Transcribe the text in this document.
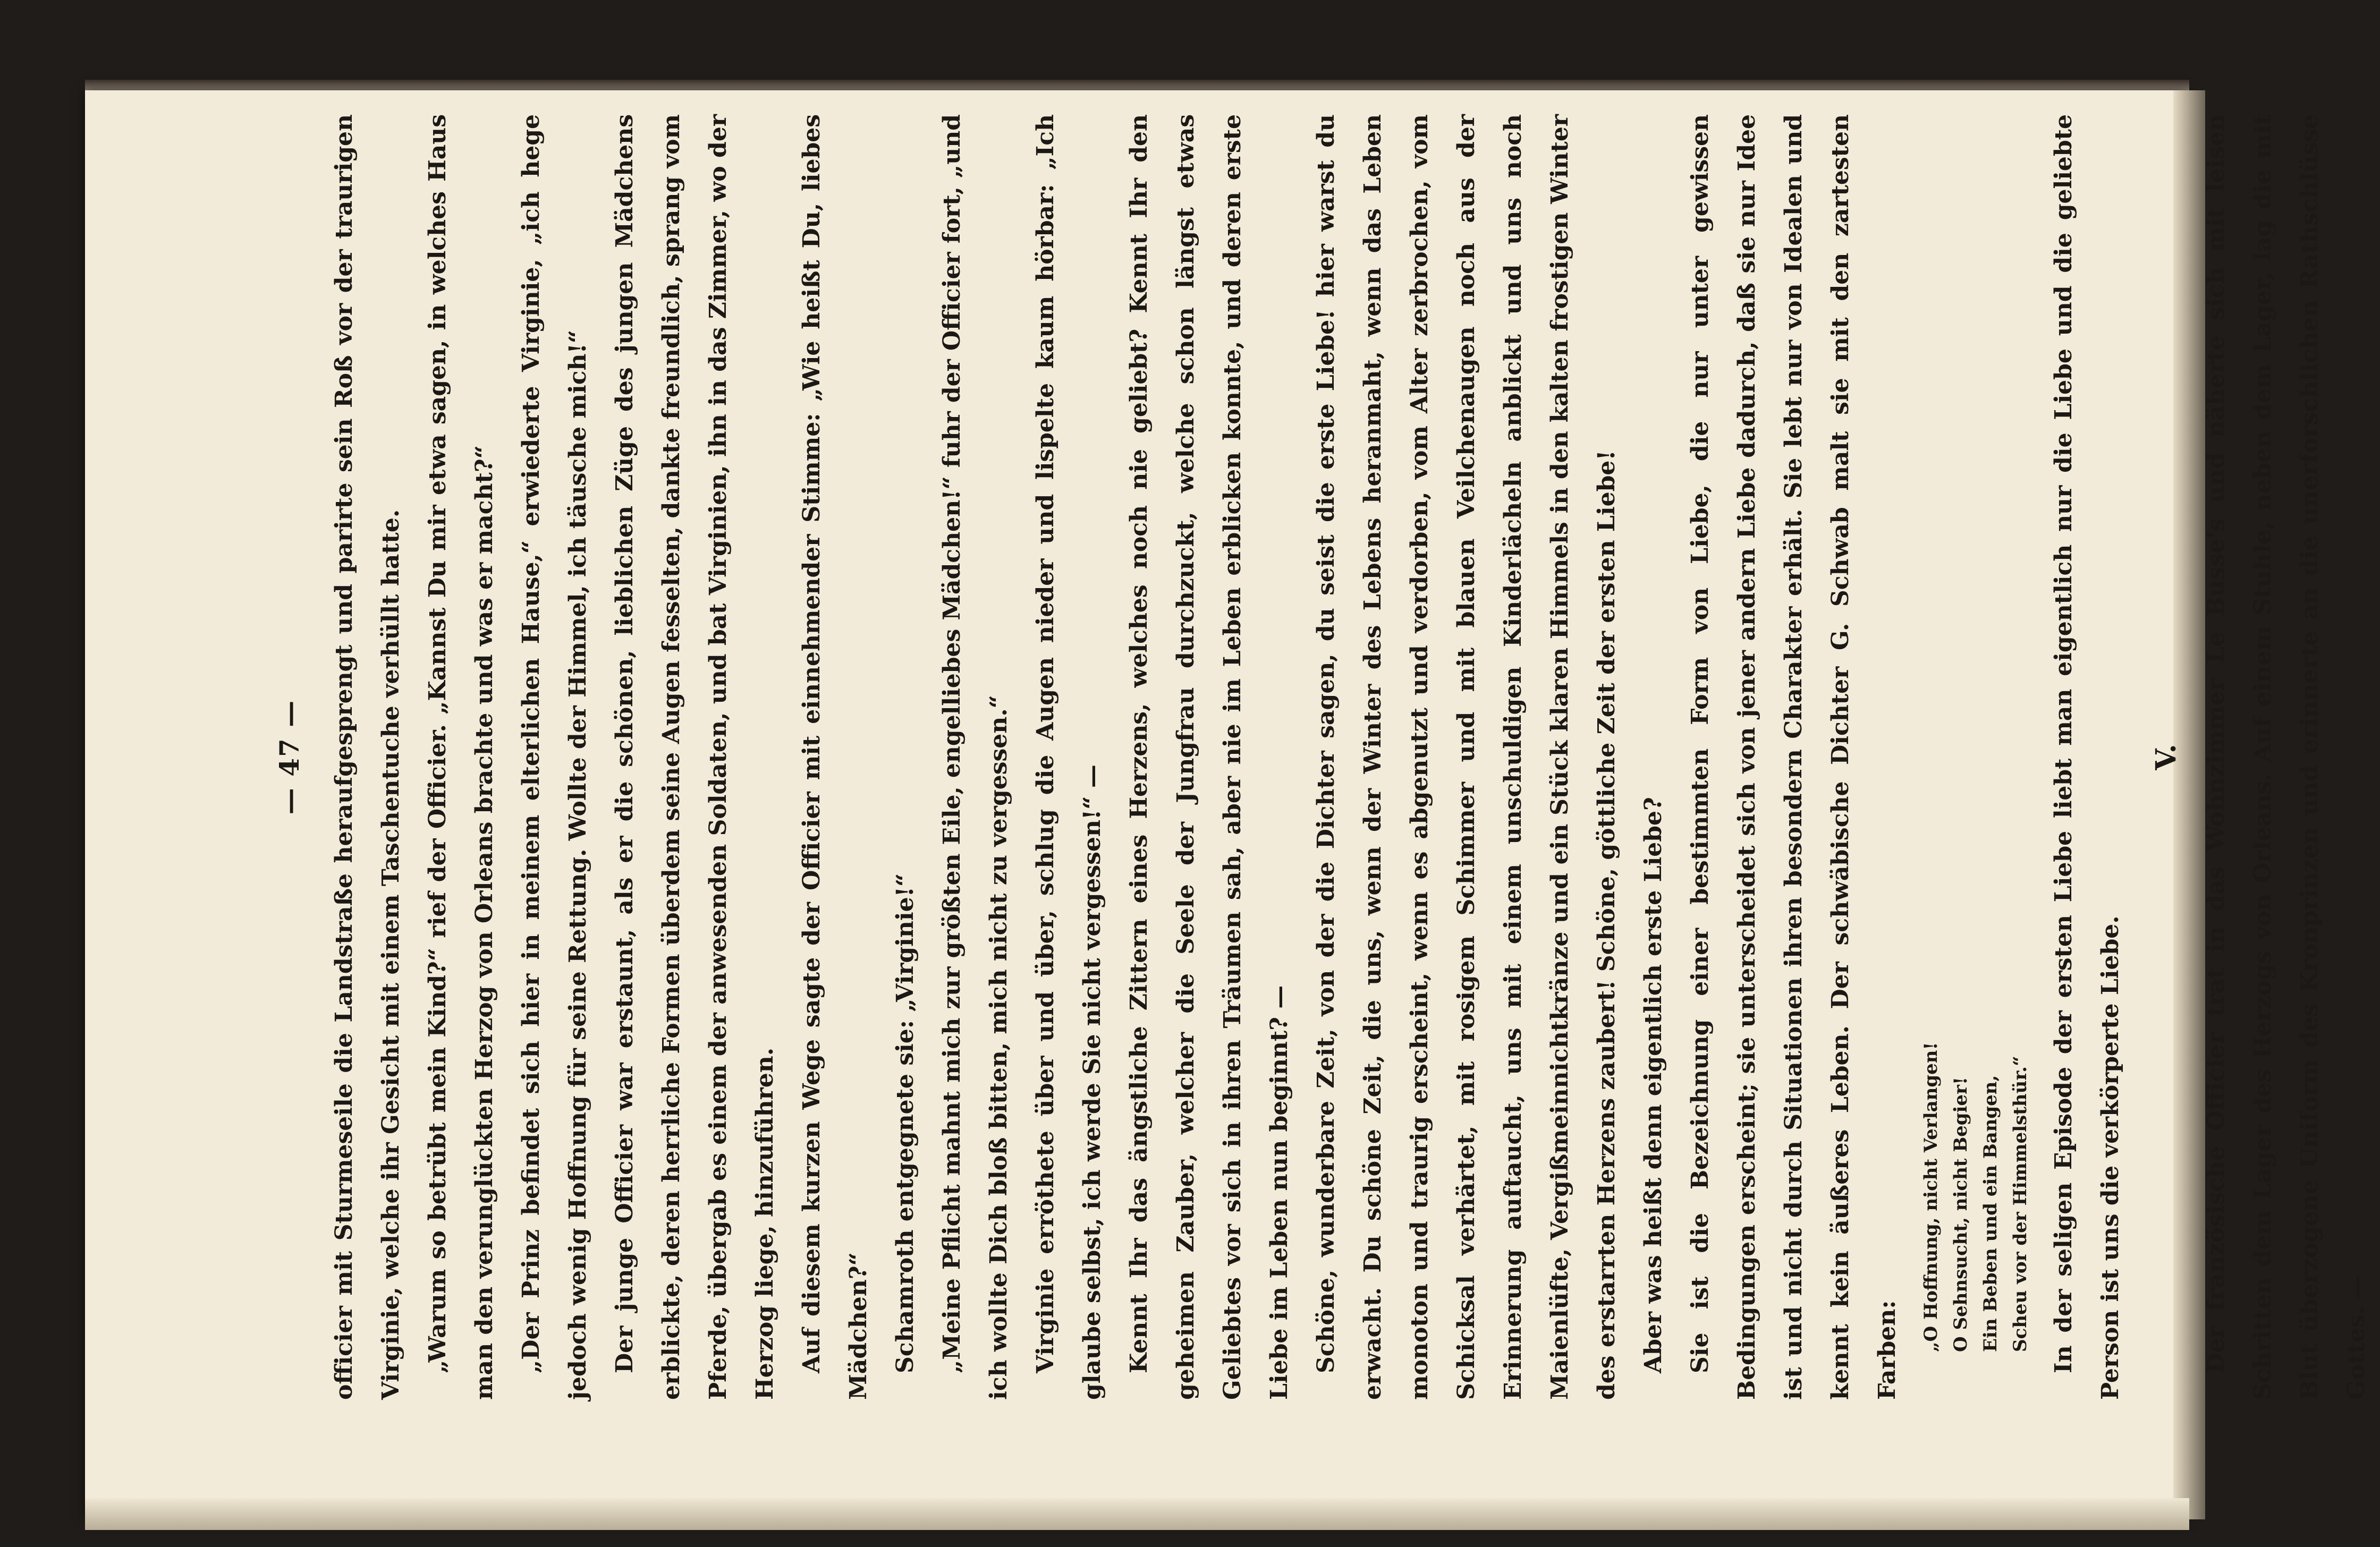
— 47 —	officier mit Sturmeseile die Landstraße heraufgesprengt und parirte sein Roß vor der traurigen Virginie, welche ihr Gesicht mit einem Taschentuche verhüllt hatte. „Warum so betrübt mein Kind?“ rief der Officier. „Kannst Du mir etwa sagen, in welches Haus man den verunglückten Herzog von Orleans brachte und was er macht?“ „Der Prinz befindet sich hier in meinem elterlichen Hause,“ erwiederte Virginie, „ich hege jedoch wenig Hoffnung für seine Rettung. Wollte der Himmel, ich täusche mich!“ Der junge Officier war erstaunt, als er die schönen, lieblichen Züge des jungen Mädchens erblickte, deren herrliche Formen überdem seine Augen fesselten, dankte freundlich, sprang vom Pferde, übergab es einem der anwesenden Soldaten, und bat Virginien, ihn in das Zimmer, wo der Herzog liege, hinzuführen. Auf diesem kurzen Wege sagte der Officier mit einnehmender Stimme: „Wie heißt Du, liebes Mädchen?“ Schamroth entgegnete sie: „Virginie!“ „Meine Pflicht mahnt mich zur größten Eile, engelliebes Mädchen!“ fuhr der Officier fort, „und ich wollte Dich bloß bitten, mich nicht zu vergessen.“ Virginie erröthete über und über, schlug die Augen nieder und lispelte kaum hörbar: „Ich glaube selbst, ich werde Sie nicht vergessen!“ — Kennt Ihr das ängstliche Zittern eines Herzens, welches noch nie geliebt? Kennt Ihr den geheimen Zauber, welcher die Seele der Jungfrau durchzuckt, welche schon längst etwas Geliebtes vor sich in ihren Träumen sah, aber nie im Leben erblicken konnte, und deren erste Liebe im Leben nun beginnt? — Schöne, wunderbare Zeit, von der die Dichter sagen, du seist die erste Liebe! hier warst du erwacht. Du schöne Zeit, die uns, wenn der Winter des Lebens heranmaht, wenn das Leben monoton und traurig erscheint, wenn es abgenutzt und verdorben, vom Alter zerbrochen, vom Schicksal verhärtet, mit rosigem Schimmer und mit blauen Veilchenaugen noch aus der Erinnerung auftaucht, uns mit einem unschuldigen Kinderlächeln anblickt und uns noch Maienlüfte, Vergißmeinnichtkränze und ein Stück klaren Himmels in den kalten frostigen Winter des erstarrten Herzens zaubert! Schöne, göttliche Zeit der ersten Liebe! Aber was heißt denn eigentlich erste Liebe? Sie ist die Bezeichnung einer bestimmten Form von Liebe, die nur unter gewissen Bedingungen erscheint; sie unterscheidet sich von jener andern Liebe dadurch, daß sie nur Idee ist und nicht durch Situationen ihren besondern Charakter erhält. Sie lebt nur von Idealen und kennt kein äußeres Leben. Der schwäbische Dichter G. Schwab malt sie mit den zartesten Farben:	„O Hoffnung, nicht Verlangen! O Sehnsucht, nicht Begier! Ein Beben und ein Bangen, Scheu vor der Himmelsthür.“ In der seligen Episode der ersten Liebe liebt man eigentlich nur die Liebe und die geliebte Person ist uns die verkörperte Liebe.

V. Der französische Officier trat in das Wohnzimmer Le Busse's und näherte sich mit leisen Schritten dem Lager des Herzogs von Orleans. Auf einem Stuhle, neben dem Lager, lag die mit Blut überzogene Uniform des Kronprinzen und erinnerte an die unerforschlichen Rathschlüsse Gottes. —
